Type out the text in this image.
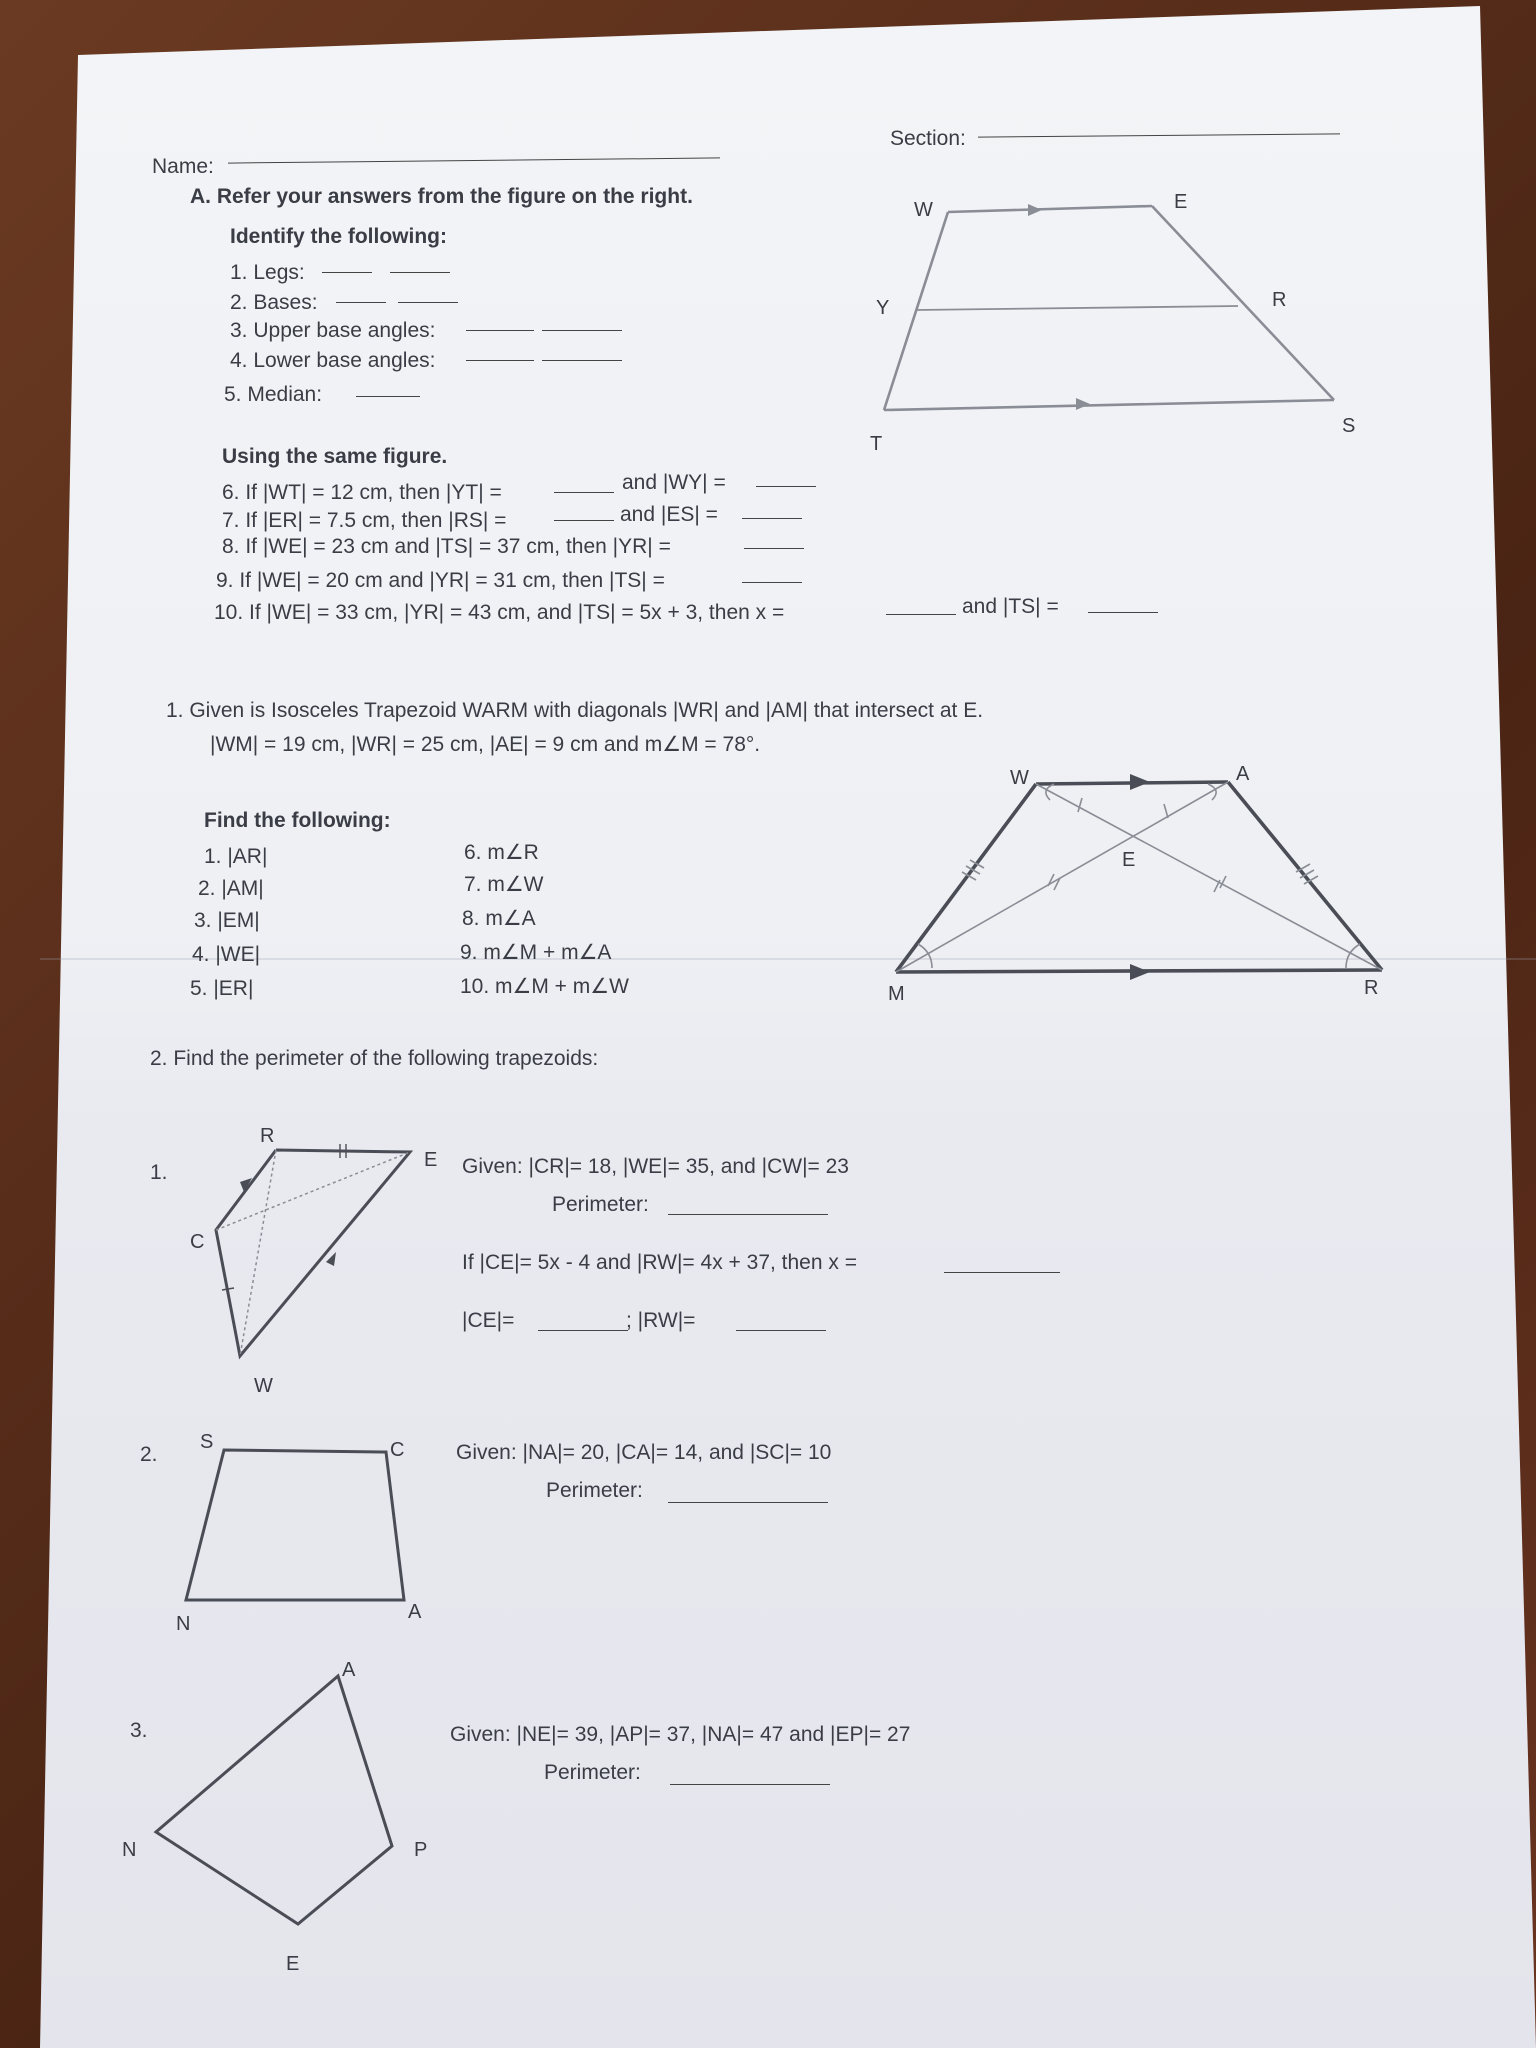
Name:
Section:
A. Refer your answers from the figure on the right.
Identify the following:
1. Legs:
2. Bases:
3. Upper base angles:
4. Lower base angles:
5. Median:
Using the same figure.
6. If |WT| = 12 cm, then |YT| =	and |WY| =
7. If |ER| = 7.5 cm, then |RS| =	and |ES| =
8. If |WE| = 23 cm and |TS| = 37 cm, then |YR| =
9. If |WE| = 20 cm and |YR| = 31 cm, then |TS| =
10. If |WE| = 33 cm, |YR| = 43 cm, and |TS| = 5x + 3, then x =	and |TS| =
W	E
Y	R
T
S
1. Given is Isosceles Trapezoid WARM with diagonals |WR| and |AM| that intersect at E.
|WM| = 19 cm, |WR| = 25 cm, |AE| = 9 cm and m∠M = 78°.
Find the following:
1. |AR|
2. |AM|
3. |EM|
4. |WE|
5. |ER|
6. m∠R
7. m∠W
8. m∠A
9. m∠M + m∠A
10. m∠M + m∠W
W	A
E
M	R
2. Find the perimeter of the following trapezoids:
1.	Given: |CR|= 18, |WE|= 35, and |CW|= 23
Perimeter:
If |CE|= 5x - 4 and |RW|= 4x + 37, then x =
|CE|=	; |RW|=
2.	Given: |NA|= 20, |CA|= 14, and |SC|= 10
Perimeter:
3.	Given: |NE|= 39, |AP|= 37, |NA|= 47 and |EP|= 27
Perimeter:
R
E
C
W
S	C
N
A
A
N	P
E
